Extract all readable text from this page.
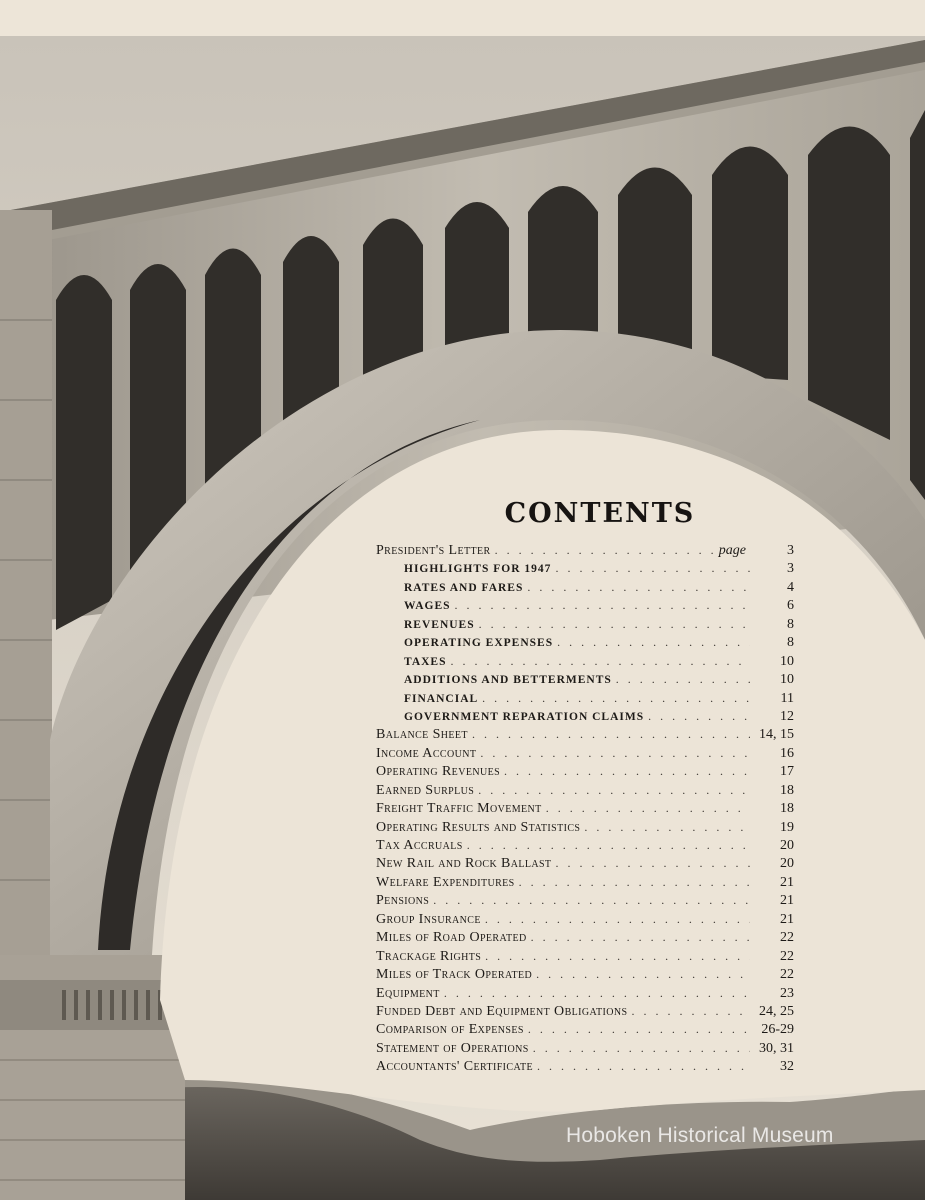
CONTENTS
President's Letter . . .	page	3
HIGHLIGHTS FOR 1947 . . .	3
RATES AND FARES . . .	4
WAGES . . .	6
REVENUES . . .	8
OPERATING EXPENSES . . .	8
TAXES . . .	10
ADDITIONS AND BETTERMENTS . . .	10
FINANCIAL . . .	11
GOVERNMENT REPARATION CLAIMS . . .	12
Balance Sheet . . .	14, 15
Income Account . . .	16
Operating Revenues . . .	17
Earned Surplus . . .	18
Freight Traffic Movement . . .	18
Operating Results and Statistics . . .	19
Tax Accruals . . .	20
New Rail and Rock Ballast . . .	20
Welfare Expenditures . . .	21
Pensions . . .	21
Group Insurance . . .	21
Miles of Road Operated . . .	22
Trackage Rights . . .	22
Miles of Track Operated . . .	22
Equipment . . .	23
Funded Debt and Equipment Obligations . . .	24, 25
Comparison of Expenses . . .	26-29
Statement of Operations . . .	30, 31
Accountants' Certificate . . .	32
Hoboken Historical Museum
